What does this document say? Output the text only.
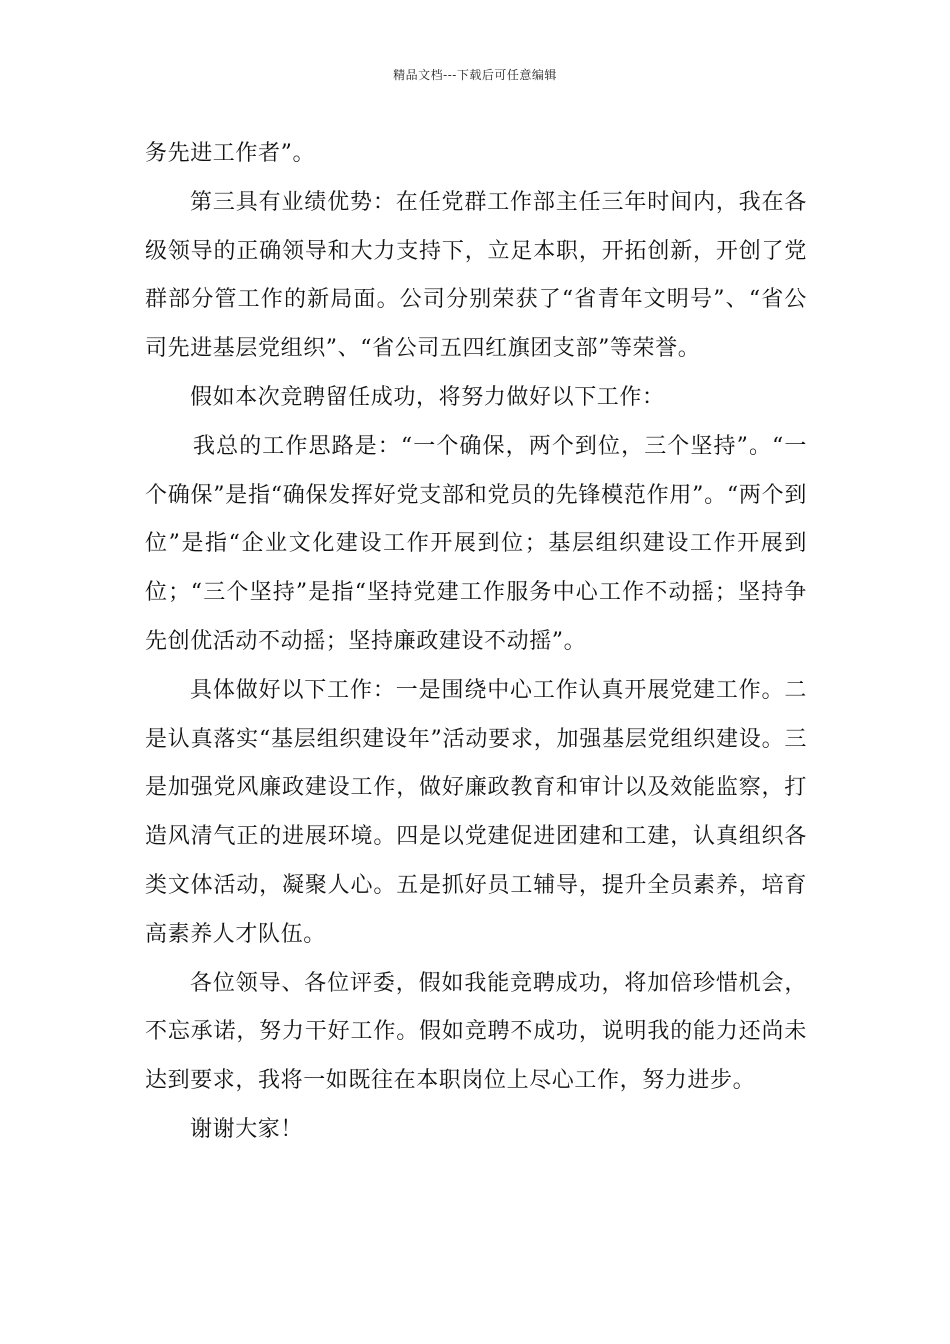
精品文档---下载后可任意编辑

务先进工作者”。

第三具有业绩优势：在任党群工作部主任三年时间内，我在各级领导的正确领导和大力支持下，立足本职，开拓创新，开创了党群部分管工作的新局面。公司分别荣获了“省青年文明号”、“省公司先进基层党组织”、“省公司五四红旗团支部”等荣誉。

假如本次竞聘留任成功，将努力做好以下工作：

我总的工作思路是：“一个确保，两个到位，三个坚持”。“一个确保”是指“确保发挥好党支部和党员的先锋模范作用”。“两个到位”是指“企业文化建设工作开展到位；基层组织建设工作开展到位；“三个坚持”是指“坚持党建工作服务中心工作不动摇；坚持争先创优活动不动摇；坚持廉政建设不动摇”。

具体做好以下工作：一是围绕中心工作认真开展党建工作。二是认真落实“基层组织建设年”活动要求，加强基层党组织建设。三是加强党风廉政建设工作，做好廉政教育和审计以及效能监察，打造风清气正的进展环境。四是以党建促进团建和工建，认真组织各类文体活动，凝聚人心。五是抓好员工辅导，提升全员素养，培育高素养人才队伍。

各位领导、各位评委，假如我能竞聘成功，将加倍珍惜机会，不忘承诺，努力干好工作。假如竞聘不成功，说明我的能力还尚未达到要求，我将一如既往在本职岗位上尽心工作，努力进步。

谢谢大家！
